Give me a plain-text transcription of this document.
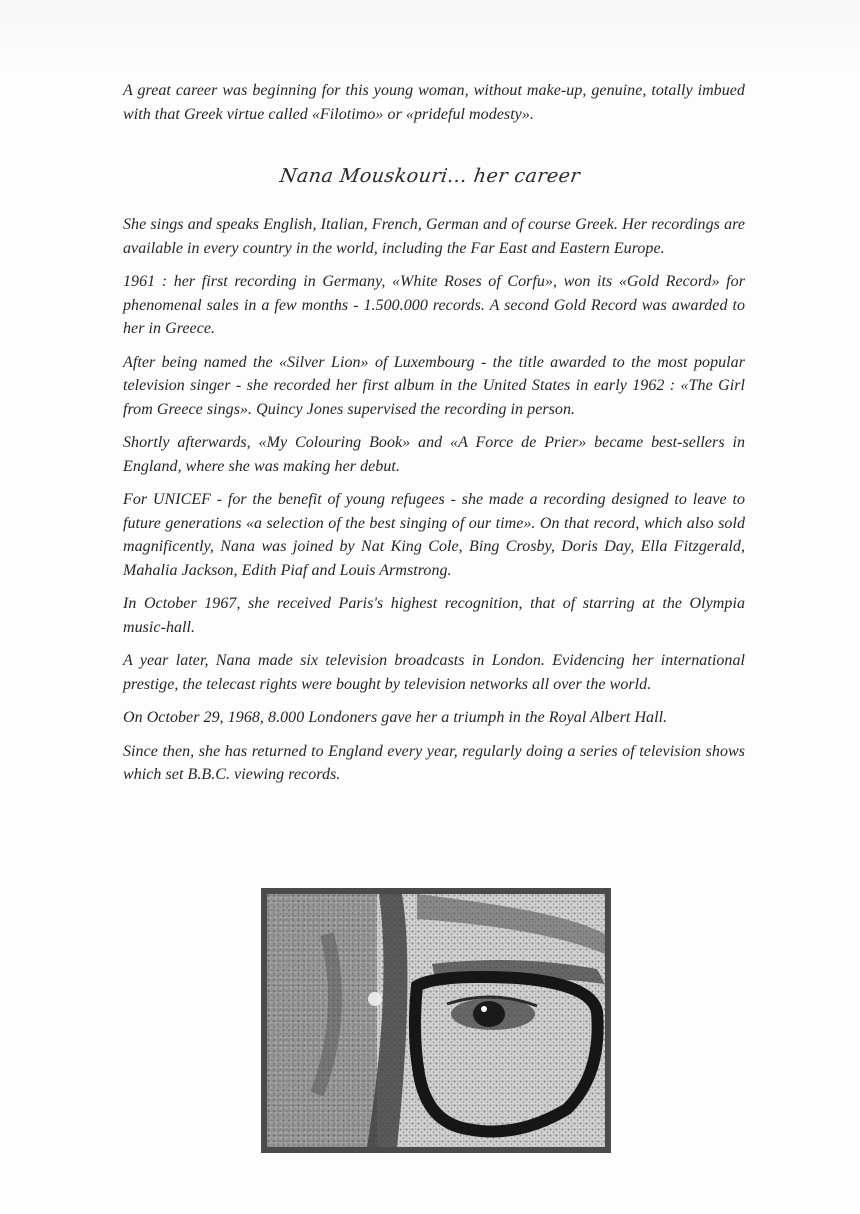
A great career was beginning for this young woman, without make-up, genuine, totally imbued with that Greek virtue called «Filotimo» or «prideful modesty».

Nana Mouskouri... her career

She sings and speaks English, Italian, French, German and of course Greek. Her recordings are available in every country in the world, including the Far East and Eastern Europe.

1961 : her first recording in Germany, «White Roses of Corfu», won its «Gold Record» for phenomenal sales in a few months - 1.500.000 records. A second Gold Record was awarded to her in Greece.

After being named the «Silver Lion» of Luxembourg - the title awarded to the most popular television singer - she recorded her first album in the United States in early 1962 : «The Girl from Greece sings». Quincy Jones supervised the recording in person.

Shortly afterwards, «My Colouring Book» and «A Force de Prier» became best-sellers in England, where she was making her debut.

For UNICEF - for the benefit of young refugees - she made a recording designed to leave to future generations «a selection of the best singing of our time». On that record, which also sold magnificently, Nana was joined by Nat King Cole, Bing Crosby, Doris Day, Ella Fitzgerald, Mahalia Jackson, Edith Piaf and Louis Armstrong.

In October 1967, she received Paris's highest recognition, that of starring at the Olympia music-hall.

A year later, Nana made six television broadcasts in London. Evidencing her international prestige, the telecast rights were bought by television networks all over the world.

On October 29, 1968, 8.000 Londoners gave her a triumph in the Royal Albert Hall.

Since then, she has returned to England every year, regularly doing a series of television shows which set B.B.C. viewing records.
